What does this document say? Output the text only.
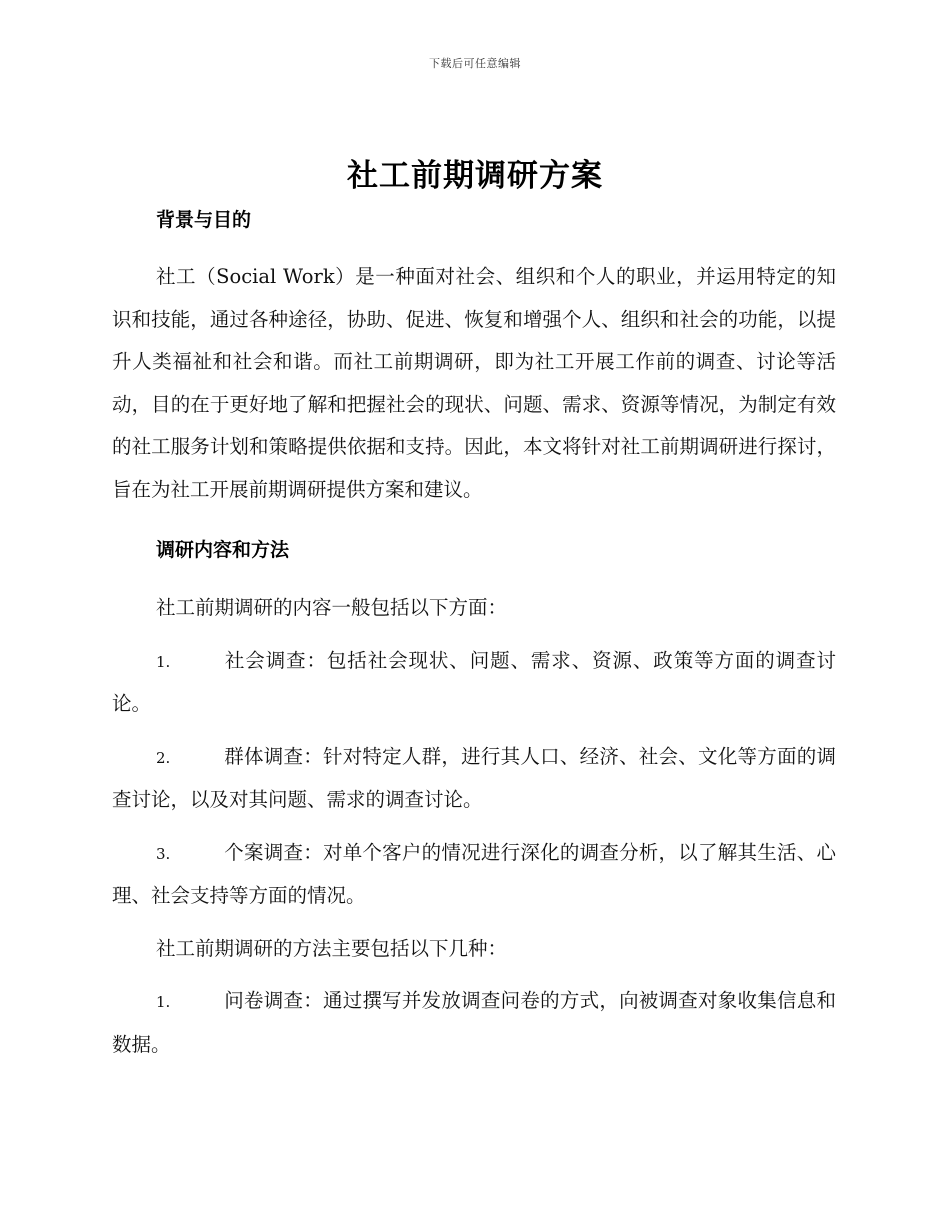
下载后可任意编辑
社工前期调研方案

背景与目的

社工（Social Work）是一种面对社会、组织和个人的职业，并运用特定的知识和技能，通过各种途径，协助、促进、恢复和增强个人、组织和社会的功能，以提升人类福祉和社会和谐。而社工前期调研，即为社工开展工作前的调查、讨论等活动，目的在于更好地了解和把握社会的现状、问题、需求、资源等情况，为制定有效的社工服务计划和策略提供依据和支持。因此，本文将针对社工前期调研进行探讨，旨在为社工开展前期调研提供方案和建议。

调研内容和方法

社工前期调研的内容一般包括以下方面：

1.	社会调查：包括社会现状、问题、需求、资源、政策等方面的调查讨论。

2.	群体调查：针对特定人群，进行其人口、经济、社会、文化等方面的调查讨论，以及对其问题、需求的调查讨论。

3.	个案调查：对单个客户的情况进行深化的调查分析，以了解其生活、心理、社会支持等方面的情况。

社工前期调研的方法主要包括以下几种：

1.	问卷调查：通过撰写并发放调查问卷的方式，向被调查对象收集信息和数据。
